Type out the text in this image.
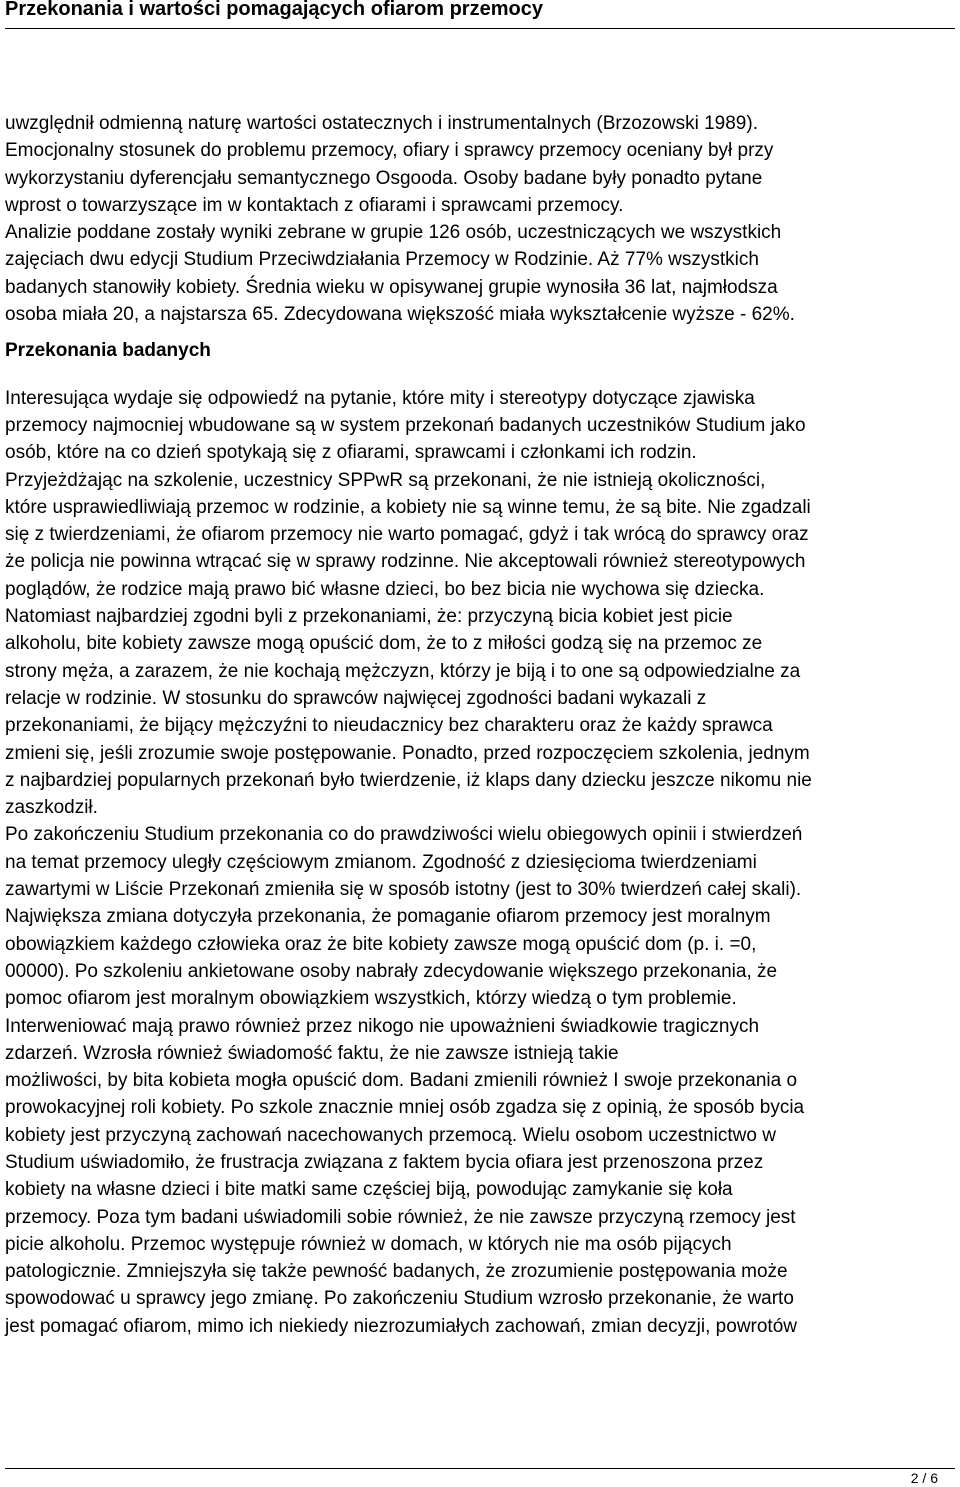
Przekonania i wartości pomagających ofiarom przemocy

uwzględnił odmienną naturę wartości ostatecznych i instrumentalnych (Brzozowski 1989).
Emocjonalny stosunek do problemu przemocy, ofiary i sprawcy przemocy oceniany był przy
wykorzystaniu dyferencjału semantycznego Osgooda. Osoby badane były ponadto pytane
wprost o towarzyszące im w kontaktach z ofiarami i sprawcami przemocy.
Analizie poddane zostały wyniki zebrane w grupie 126 osób, uczestniczących we wszystkich
zajęciach dwu edycji Studium Przeciwdziałania Przemocy w Rodzinie. Aż 77% wszystkich
badanych stanowiły kobiety. Średnia wieku w opisywanej grupie wynosiła 36 lat, najmłodsza
osoba miała 20, a najstarsza 65. Zdecydowana większość miała wykształcenie wyższe - 62%.

Przekonania badanych

Interesująca wydaje się odpowiedź na pytanie, które mity i stereotypy dotyczące zjawiska
przemocy najmocniej wbudowane są w system przekonań badanych uczestników Studium jako
osób, które na co dzień spotykają się z ofiarami, sprawcami i członkami ich rodzin.
Przyjeżdżając na szkolenie, uczestnicy SPPwR są przekonani, że nie istnieją okoliczności,
które usprawiedliwiają przemoc w rodzinie, a kobiety nie są winne temu, że są bite. Nie zgadzali
się z twierdzeniami, że ofiarom przemocy nie warto pomagać, gdyż i tak wrócą do sprawcy oraz
że policja nie powinna wtrącać się w sprawy rodzinne. Nie akceptowali również stereotypowych
poglądów, że rodzice mają prawo bić własne dzieci, bo bez bicia nie wychowa się dziecka.
Natomiast najbardziej zgodni byli z przekonaniami, że: przyczyną bicia kobiet jest picie
alkoholu, bite kobiety zawsze mogą opuścić dom, że to z miłości godzą się na przemoc ze
strony męża, a zarazem, że nie kochają mężczyzn, którzy je biją i to one są odpowiedzialne za
relacje w rodzinie. W stosunku do sprawców najwięcej zgodności badani wykazali z
przekonaniami, że bijący mężczyźni to nieudacznicy bez charakteru oraz że każdy sprawca
zmieni się, jeśli zrozumie swoje postępowanie. Ponadto, przed rozpoczęciem szkolenia, jednym
z najbardziej popularnych przekonań było twierdzenie, iż klaps dany dziecku jeszcze nikomu nie
zaszkodził.
Po zakończeniu Studium przekonania co do prawdziwości wielu obiegowych opinii i stwierdzeń
na temat przemocy uległy częściowym zmianom. Zgodność z dziesięcioma twierdzeniami
zawartymi w Liście Przekonań zmieniła się w sposób istotny (jest to 30% twierdzeń całej skali).
Największa zmiana dotyczyła przekonania, że pomaganie ofiarom przemocy jest moralnym
obowiązkiem każdego człowieka oraz że bite kobiety zawsze mogą opuścić dom (p. i. =0,
00000). Po szkoleniu ankietowane osoby nabrały zdecydowanie większego przekonania, że
pomoc ofiarom jest moralnym obowiązkiem wszystkich, którzy wiedzą o tym problemie.
Interweniować mają prawo również przez nikogo nie upoważnieni świadkowie tragicznych
zdarzeń. Wzrosła również świadomość faktu, że nie zawsze istnieją takie
możliwości, by bita kobieta mogła opuścić dom. Badani zmienili również I swoje przekonania o
prowokacyjnej roli kobiety. Po szkole znacznie mniej osób zgadza się z opinią, że sposób bycia
kobiety jest przyczyną zachowań nacechowanych przemocą. Wielu osobom uczestnictwo w
Studium uświadomiło, że frustracja związana z faktem bycia ofiara jest przenoszona przez
kobiety na własne dzieci i bite matki same częściej biją, powodując zamykanie się koła
przemocy. Poza tym badani uświadomili sobie również, że nie zawsze przyczyną rzemocy jest
picie alkoholu. Przemoc występuje również w domach, w których nie ma osób pijących
patologicznie. Zmniejszyła się także pewność badanych, że zrozumienie postępowania może
spowodować u sprawcy jego zmianę. Po zakończeniu Studium wzrosło przekonanie, że warto
jest pomagać ofiarom, mimo ich niekiedy niezrozumiałych zachowań, zmian decyzji, powrotów

2 / 6
